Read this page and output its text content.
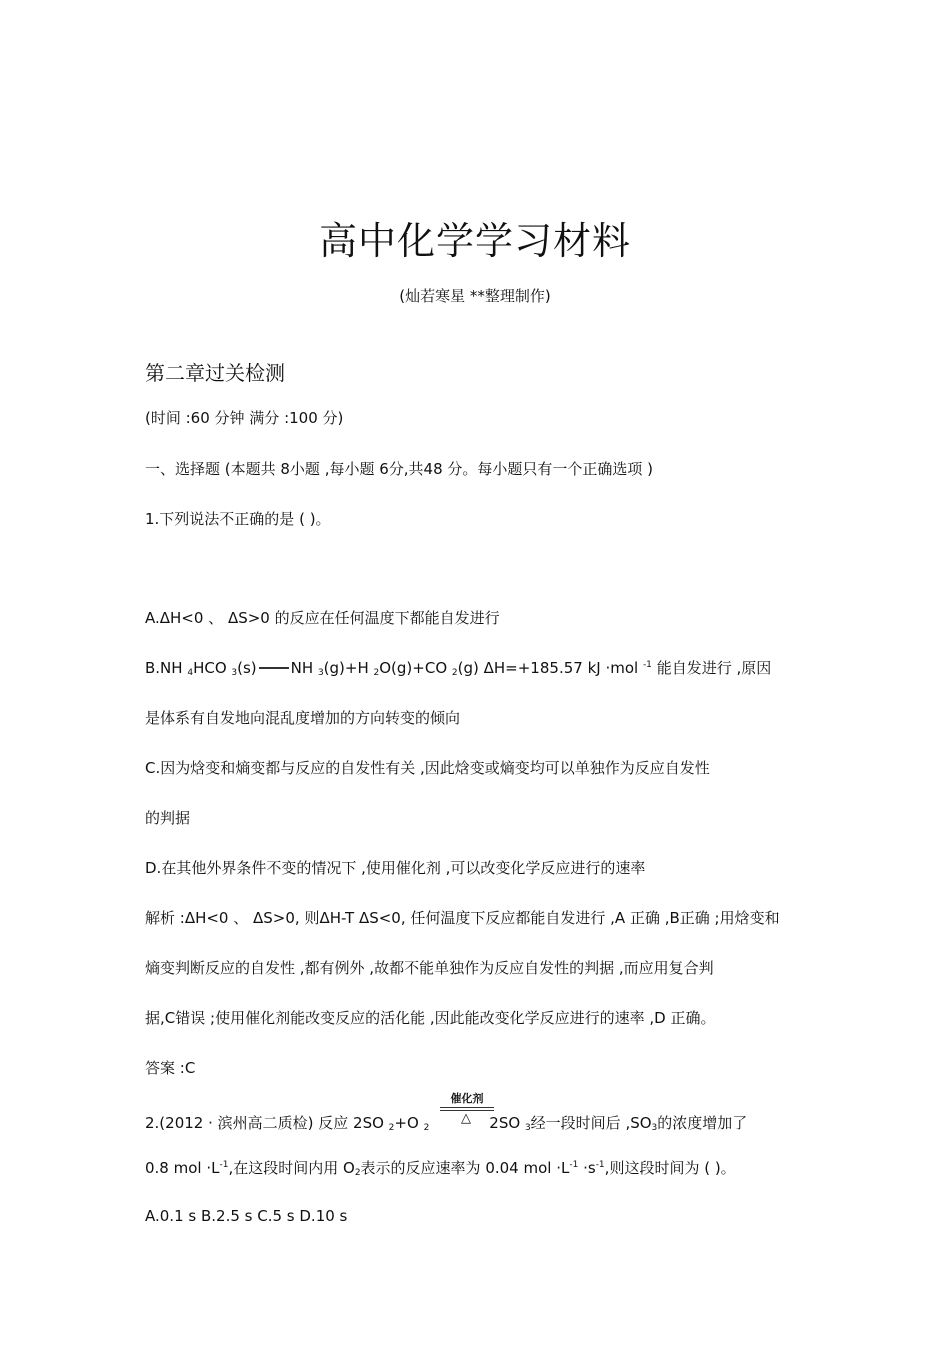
高中化学学习材料
(灿若寒星 **整理制作)
第二章过关检测
(时间 :60 分钟 满分 :100 分)
一、选择题 (本题共 8小题 ,每小题 6分,共48 分。每小题只有一个正确选项 )
1.下列说法不正确的是 ( )。
A.ΔH<0 、 ΔS>0 的反应在任何温度下都能自发进行
B.NH $_4$HCO $_3$(s) NH $_3$(g)+H $_2$O(g)+CO $_2$(g) ΔH=+185.57 kJ ·mol $^{-1}$ 能自发进行 ,原因
是体系有自发地向混乱度增加的方向转变的倾向
C.因为焓变和熵变都与反应的自发性有关 ,因此焓变或熵变均可以单独作为反应自发性
的判据
D.在其他外界条件不变的情况下 ,使用催化剂 ,可以改变化学反应进行的速率
解析 :ΔH<0 、 ΔS>0, 则ΔH-T ΔS<0, 任何温度下反应都能自发进行 ,A 正确 ,B正确 ;用焓变和
熵变判断反应的自发性 ,都有例外 ,故都不能单独作为反应自发性的判据 ,而应用复合判
据,C错误 ;使用催化剂能改变反应的活化能 ,因此能改变化学反应进行的速率 ,D 正确。
答案 :C
催化剂
△
2.(2012 · 滨州高二质检) 反应 2SO $_2$+O $_2$	2SO $_3$经一段时间后 $,SO_3$的浓度增加了
0.8 mol $\cdot L^{-1}$,在这段时间内用 $O_2$表示的反应速率为 0.04 mol $\cdot L^{-1} \cdot s^{-1}$,则这段时间为 ( )。
A.0.1 s B.2.5 s C.5 s D.10 s
